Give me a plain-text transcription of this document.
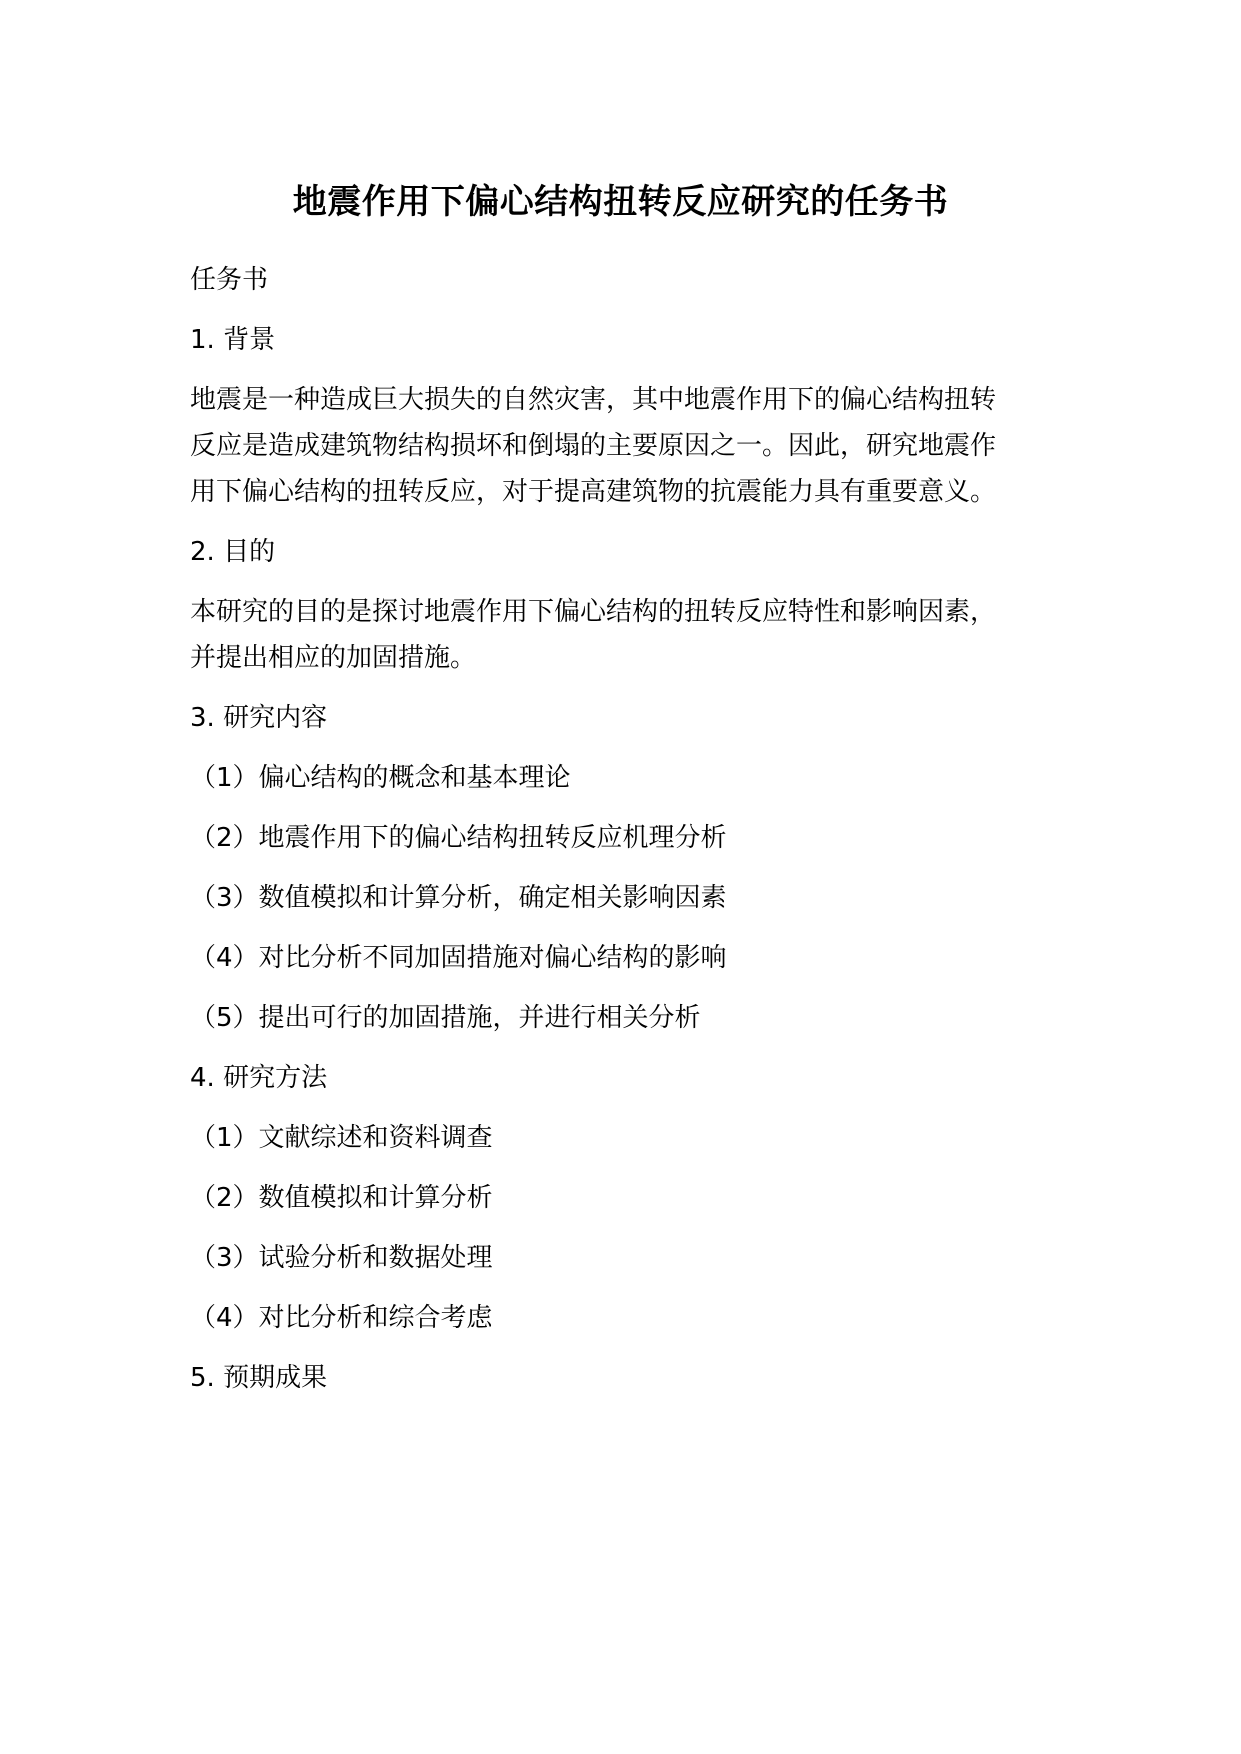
地震作用下偏心结构扭转反应研究的任务书

任务书

1. 背景

地震是一种造成巨大损失的自然灾害，其中地震作用下的偏心结构扭转

反应是造成建筑物结构损坏和倒塌的主要原因之一。因此，研究地震作

用下偏心结构的扭转反应，对于提高建筑物的抗震能力具有重要意义。

2. 目的

本研究的目的是探讨地震作用下偏心结构的扭转反应特性和影响因素，

并提出相应的加固措施。

3. 研究内容

（1）偏心结构的概念和基本理论

（2）地震作用下的偏心结构扭转反应机理分析

（3）数值模拟和计算分析，确定相关影响因素

（4）对比分析不同加固措施对偏心结构的影响

（5）提出可行的加固措施，并进行相关分析

4. 研究方法

（1）文献综述和资料调查

（2）数值模拟和计算分析

（3）试验分析和数据处理

（4）对比分析和综合考虑

5. 预期成果
